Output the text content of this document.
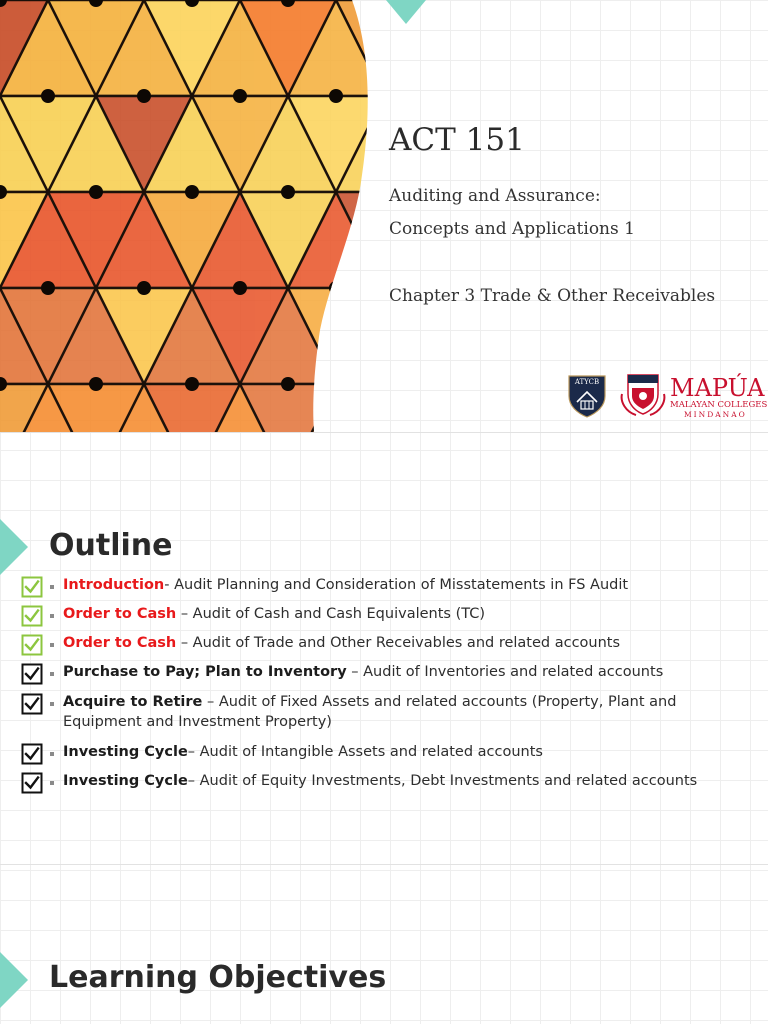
ACT 151
Auditing and Assurance:
Concepts and Applications 1
Chapter 3 Trade & Other Receivables
ATYCB	MAPÚA
MALAYAN COLLEGES
MINDANAO
Outline
Introduction- Audit Planning and Consideration of Misstatements in FS Audit
Order to Cash – Audit of Cash and Cash Equivalents (TC)
Order to Cash – Audit of Trade and Other Receivables and related accounts
Purchase to Pay; Plan to Inventory – Audit of Inventories and related accounts
Acquire to Retire – Audit of Fixed Assets and related accounts (Property, Plant and Equipment and Investment Property)
Investing Cycle– Audit of Intangible Assets and related accounts
Investing Cycle– Audit of Equity Investments, Debt Investments and related accounts
Learning Objectives
